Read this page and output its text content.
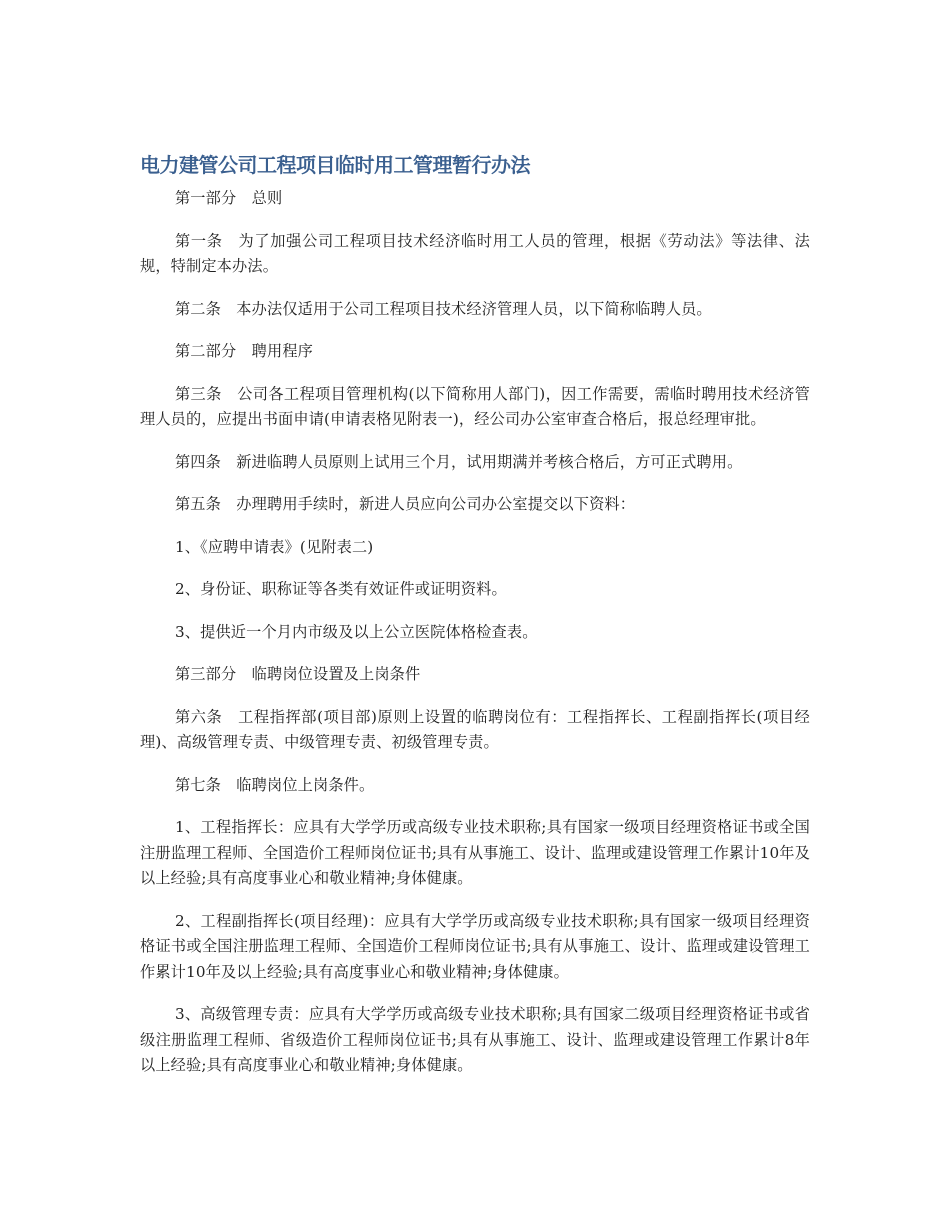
电力建管公司工程项目临时用工管理暂行办法

第一部分　总则

第一条　为了加强公司工程项目技术经济临时用工人员的管理，根据《劳动法》等法律、法规，特制定本办法。

第二条　本办法仅适用于公司工程项目技术经济管理人员，以下简称临聘人员。

第二部分　聘用程序

第三条　公司各工程项目管理机构(以下简称用人部门)，因工作需要，需临时聘用技术经济管理人员的，应提出书面申请(申请表格见附表一)，经公司办公室审查合格后，报总经理审批。

第四条　新进临聘人员原则上试用三个月，试用期满并考核合格后，方可正式聘用。

第五条　办理聘用手续时，新进人员应向公司办公室提交以下资料：

1、《应聘申请表》(见附表二)

2、身份证、职称证等各类有效证件或证明资料。

3、提供近一个月内市级及以上公立医院体格检查表。

第三部分　临聘岗位设置及上岗条件

第六条　工程指挥部(项目部)原则上设置的临聘岗位有：工程指挥长、工程副指挥长(项目经理)、高级管理专责、中级管理专责、初级管理专责。

第七条　临聘岗位上岗条件。

1、工程指挥长：应具有大学学历或高级专业技术职称;具有国家一级项目经理资格证书或全国注册监理工程师、全国造价工程师岗位证书;具有从事施工、设计、监理或建设管理工作累计10年及以上经验;具有高度事业心和敬业精神;身体健康。

2、工程副指挥长(项目经理)：应具有大学学历或高级专业技术职称;具有国家一级项目经理资格证书或全国注册监理工程师、全国造价工程师岗位证书;具有从事施工、设计、监理或建设管理工作累计10年及以上经验;具有高度事业心和敬业精神;身体健康。

3、高级管理专责：应具有大学学历或高级专业技术职称;具有国家二级项目经理资格证书或省级注册监理工程师、省级造价工程师岗位证书;具有从事施工、设计、监理或建设管理工作累计8年以上经验;具有高度事业心和敬业精神;身体健康。
